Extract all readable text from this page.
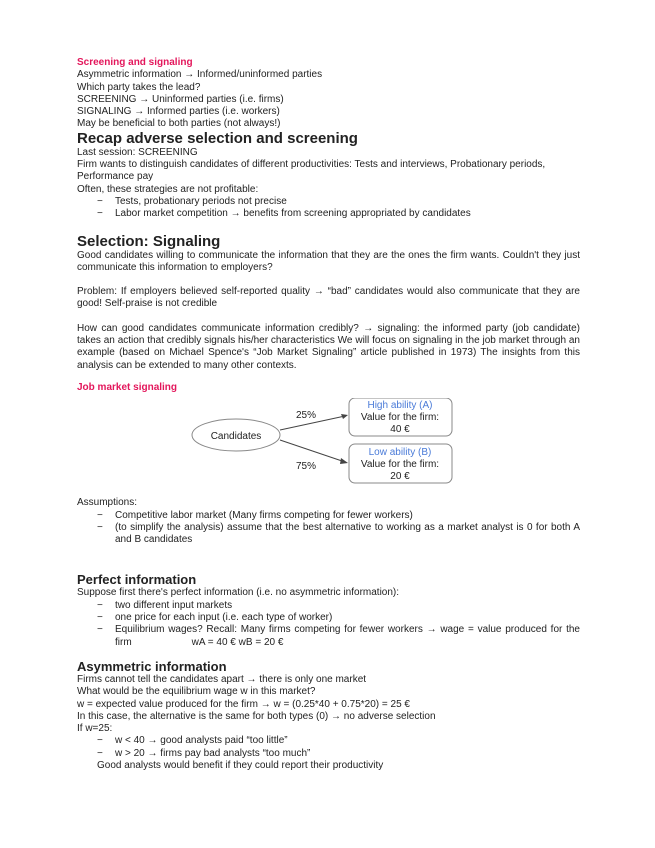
Screening and signaling

Asymmetric information → Informed/uninformed parties

Which party takes the lead?

SCREENING → Uninformed parties (i.e. firms)

SIGNALING → Informed parties (i.e. workers)

May be beneficial to both parties (not always!)

Recap adverse selection and screening

Last session: SCREENING

Firm wants to distinguish candidates of different productivities: Tests and interviews, Probationary periods, Performance pay

Often, these strategies are not profitable:

− Tests, probationary periods not precise
− Labor market competition → benefits from screening appropriated by candidates
Selection: Signaling

Good candidates willing to communicate the information that they are the ones the firm wants. Couldn't they just communicate this information to employers?

Problem: If employers believed self-reported quality → “bad” candidates would also communicate that they are good! Self-praise is not credible

How can good candidates communicate information credibly? → signaling: the informed party (job candidate) takes an action that credibly signals his/her characteristics We will focus on signaling in the job market through an example (based on Michael Spence's “Job Market Signaling” article published in 1973) The insights from this analysis can be extended to many other contexts.

Job market signaling
Candidates
25%
75%
High ability (A)
Value for the firm:
40 €
Low ability (B)
Value for the firm:
20 €

Assumptions:

− Competitive labor market (Many firms competing for fewer workers)
− (to simplify the analysis) assume that the best alternative to working as a market analyst is 0 for both A and B candidates
Perfect information

Suppose first there's perfect information (i.e. no asymmetric information):

− two different input markets
− one price for each input (i.e. each type of worker)
− Equilibrium wages? Recall: Many firms competing for fewer workers → wage = value produced for the firm	wA = 40 € wB = 20 €
Asymmetric information

Firms cannot tell the candidates apart → there is only one market

What would be the equilibrium wage w in this market?

w = expected value produced for the firm → w = (0.25*40 + 0.75*20) = 25 €

In this case, the alternative is the same for both types (0) → no adverse selection

If w=25:

− w < 40 → good analysts paid “too little”
− w > 20 → firms pay bad analysts “too much”

Good analysts would benefit if they could report their productivity
